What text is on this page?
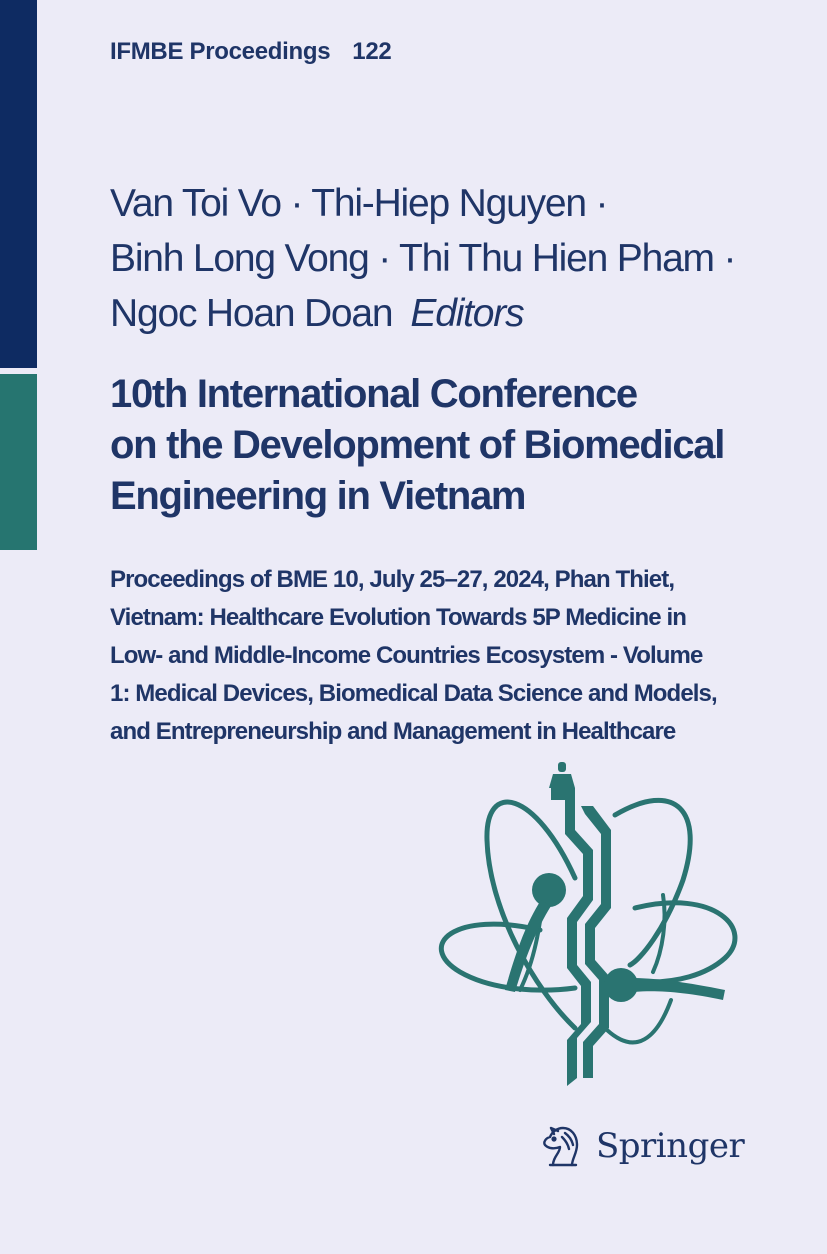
IFMBE Proceedings 122
Van Toi Vo · Thi-Hiep Nguyen ·
Binh Long Vong · Thi Thu Hien Pham ·
Ngoc Hoan Doan Editors
10th International Conference
on the Development of Biomedical
Engineering in Vietnam
Proceedings of BME 10, July 25–27, 2024, Phan Thiet,
Vietnam: Healthcare Evolution Towards 5P Medicine in
Low- and Middle-Income Countries Ecosystem - Volume
1: Medical Devices, Biomedical Data Science and Models,
and Entrepreneurship and Management in Healthcare
Springer
